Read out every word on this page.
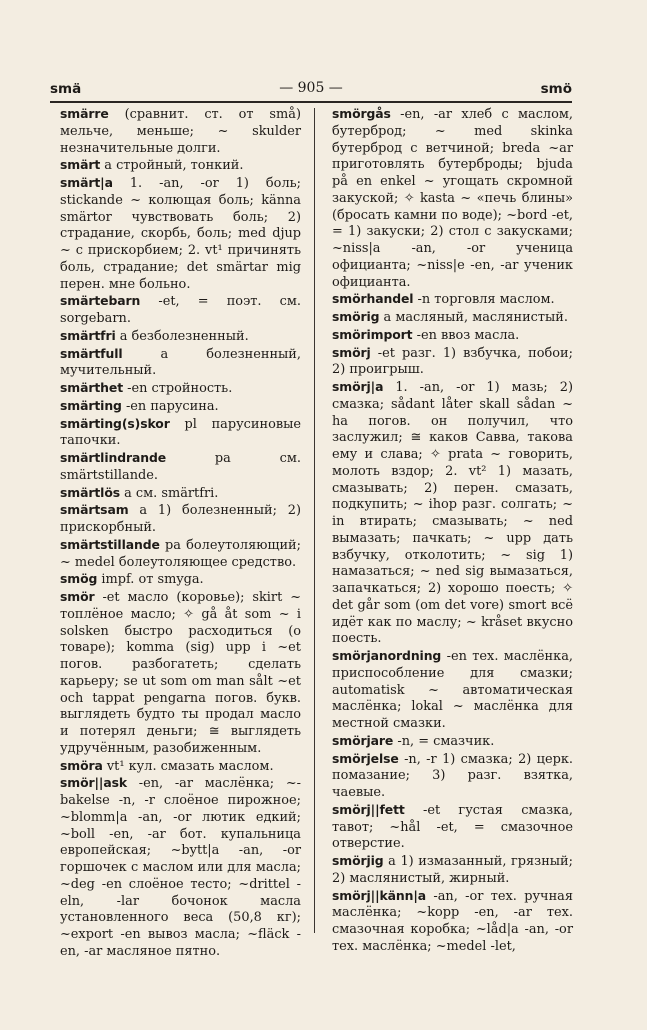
smä	— 905 —	smö

smärre (сравнит. ст. от små) мельче, меньше; ~ skulder незначительные долги.

smärt a стройный, тонкий.

smärt|a 1. -an, -or 1) боль; stickande ~ колющая боль; känna smärtor чувствовать боль; 2) страдание, скорбь, боль; med djup ~ с прискорбием; 2. vt¹ причинять боль, страдание; det smärtar mig перен. мне больно.

smärtebarn -et, = поэт. см. sorgebarn.

smärtfri a безболезненный.

smärtfull	a болезненный, мучительный.

smärthet -en стройность.

smärting -en парусина.

smärting(s)skor pl парусиновые тапочки.

smärtlindrande	pa см. smärtstillande.

smärtlös a см. smärtfri.

smärtsam a 1) болезненный; 2) прискорбный.

smärtstillande pa болеутоляющий; ~ medel болеутоляющее средство.

smög impf. от smyga.

smör -et масло (коровье); skirt ~ топлёное масло; ✧ gå åt som ~ i solsken быстро расходиться (о товаре); komma (sig) upp i ~et погов. разбогатеть; сделать карьеру; se ut som om man sålt ~et och tappat pengarna погов. букв. выглядеть будто ты продал масло и потерял деньги; ≅ выглядеть удручённым, разобиженным.

smöra vt¹ кул. смазать маслом.

smör||ask -en, -ar маслёнка; ~-bakelse -n, -r слоёное пирожное; ~blomm|a -an, -or лютик едкий; ~boll -en, -ar бот. купальница европейская; ~bytt|a -an, -or горшочек с маслом или для масла; ~deg -en слоёное тесто; ~drittel -eln, -lar бочонок масла установленного веса (50,8 кг); ~export -en вывоз масла; ~fläck -en, -ar масляное пятно.

smörgås -en, -ar хлеб с маслом, бутерброд; ~ med skinka бутерброд с ветчиной; breda ~ar приготовлять бутерброды; bjuda på en enkel ~ угощать скромной закуской; ✧ kasta ~ «печь блины» (бросать камни по воде); ~bord -et, = 1) закуски; 2) стол с закусками; ~niss|a -an, -or ученица официанта; ~niss|e -en, -ar ученик официанта.

smörhandel -n торговля маслом.

smörig a масляный, маслянистый.

smörimport -en ввоз масла.

smörj -et разг. 1) взбучка, побои; 2) проигрыш.

smörj|a 1. -an, -or 1) мазь; 2) смазка; sådant låter skall sådan ~ ha погов. он получил, что заслужил; ≅ каков Савва, такова ему и слава; ✧ prata ~ говорить, молоть вздор; 2. vt² 1) мазать, смазывать; 2) перен. смазать, подкупить; ~ ihop разг. солгать; ~ in втирать; смазывать; ~ ned вымазать; пачкать; ~ upp дать взбучку, отколотить; ~ sig 1) намазаться; ~ ned sig вымазаться, запачкаться; 2) хорошо поесть; ✧ det går som (om det vore) smort всё идёт как по маслу; ~ kråset вкусно поесть.

smörjanordning -en тех. маслёнка, приспособление для смазки; automatisk ~ автоматическая маслёнка; lokal ~ маслёнка для местной смазки.

smörjare -n, = смазчик.

smörjelse -n, -r 1) смазка; 2) церк. помазание; 3) разг. взятка, чаевые.

smörj||fett -et густая смазка, тавот; ~hål -et, = смазочное отверстие.

smörjig a 1) измазанный, грязный; 2) маслянистый, жирный.

smörj||känn|a -an, -or тех. ручная маслёнка; ~kopp -en, -ar тех. смазочная коробка; ~låd|a -an, -or тех. маслёнка; ~medel -let,
